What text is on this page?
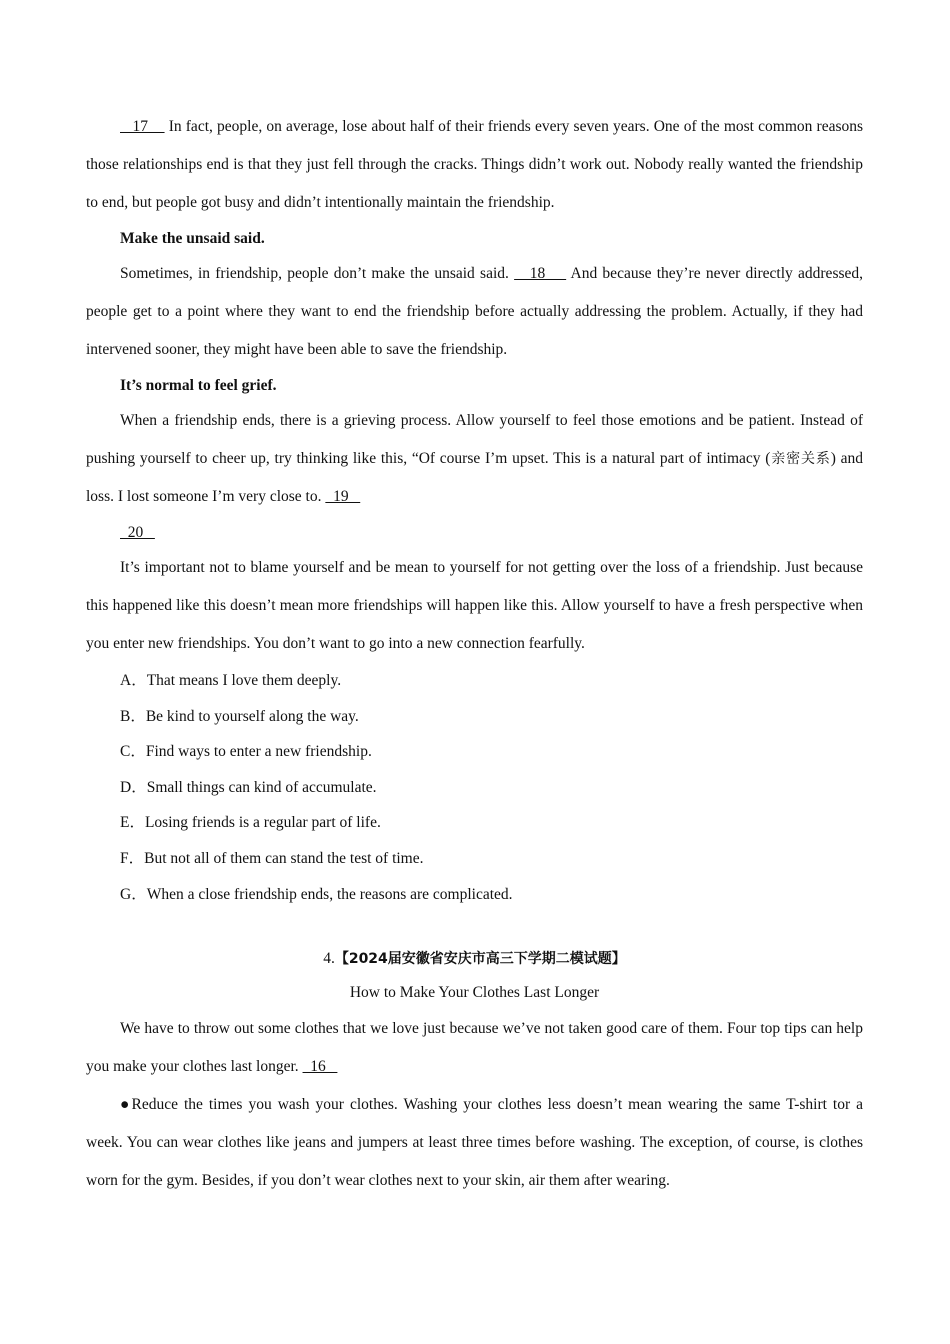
17     In fact, people, on average, lose about half of their friends every seven years. One of the most common reasons those relationships end is that they just fell through the cracks. Things didn’t work out. Nobody really wanted the friendship to end, but people got busy and didn’t intentionally maintain the friendship.

Make the unsaid said.

Sometimes, in friendship, people don’t make the unsaid said.    18     And because they’re never directly addressed, people get to a point where they want to end the friendship before actually addressing the problem. Actually, if they had intervened sooner, they might have been able to save the friendship.

It’s normal to feel grief.

When a friendship ends, there is a grieving process. Allow yourself to feel those emotions and be patient. Instead of pushing yourself to cheer up, try thinking like this, “Of course I’m upset. This is a natural part of intimacy (亲密关系) and loss. I lost someone I’m very close to.   19

20

It’s important not to blame yourself and be mean to yourself for not getting over the loss of a friendship. Just because this happened like this doesn’t mean more friendships will happen like this. Allow yourself to have a fresh perspective when you enter new friendships. You don’t want to go into a new connection fearfully.

A．That means I love them deeply.
B．Be kind to yourself along the way.
C．Find ways to enter a new friendship.
D．Small things can kind of accumulate.
E．Losing friends is a regular part of life.
F．But not all of them can stand the test of time.
G．When a close friendship ends, the reasons are complicated.
4.【2024届安徽省安庆市高三下学期二模试题】
How to Make Your Clothes Last Longer

We have to throw out some clothes that we love just because we’ve not taken good care of them. Four top tips can help you make your clothes last longer.   16

●Reduce the times you wash your clothes. Washing your clothes less doesn’t mean wearing the same T-shirt tor a week. You can wear clothes like jeans and jumpers at least three times before washing. The exception, of course, is clothes worn for the gym. Besides, if you don’t wear clothes next to your skin, air them after wearing.
